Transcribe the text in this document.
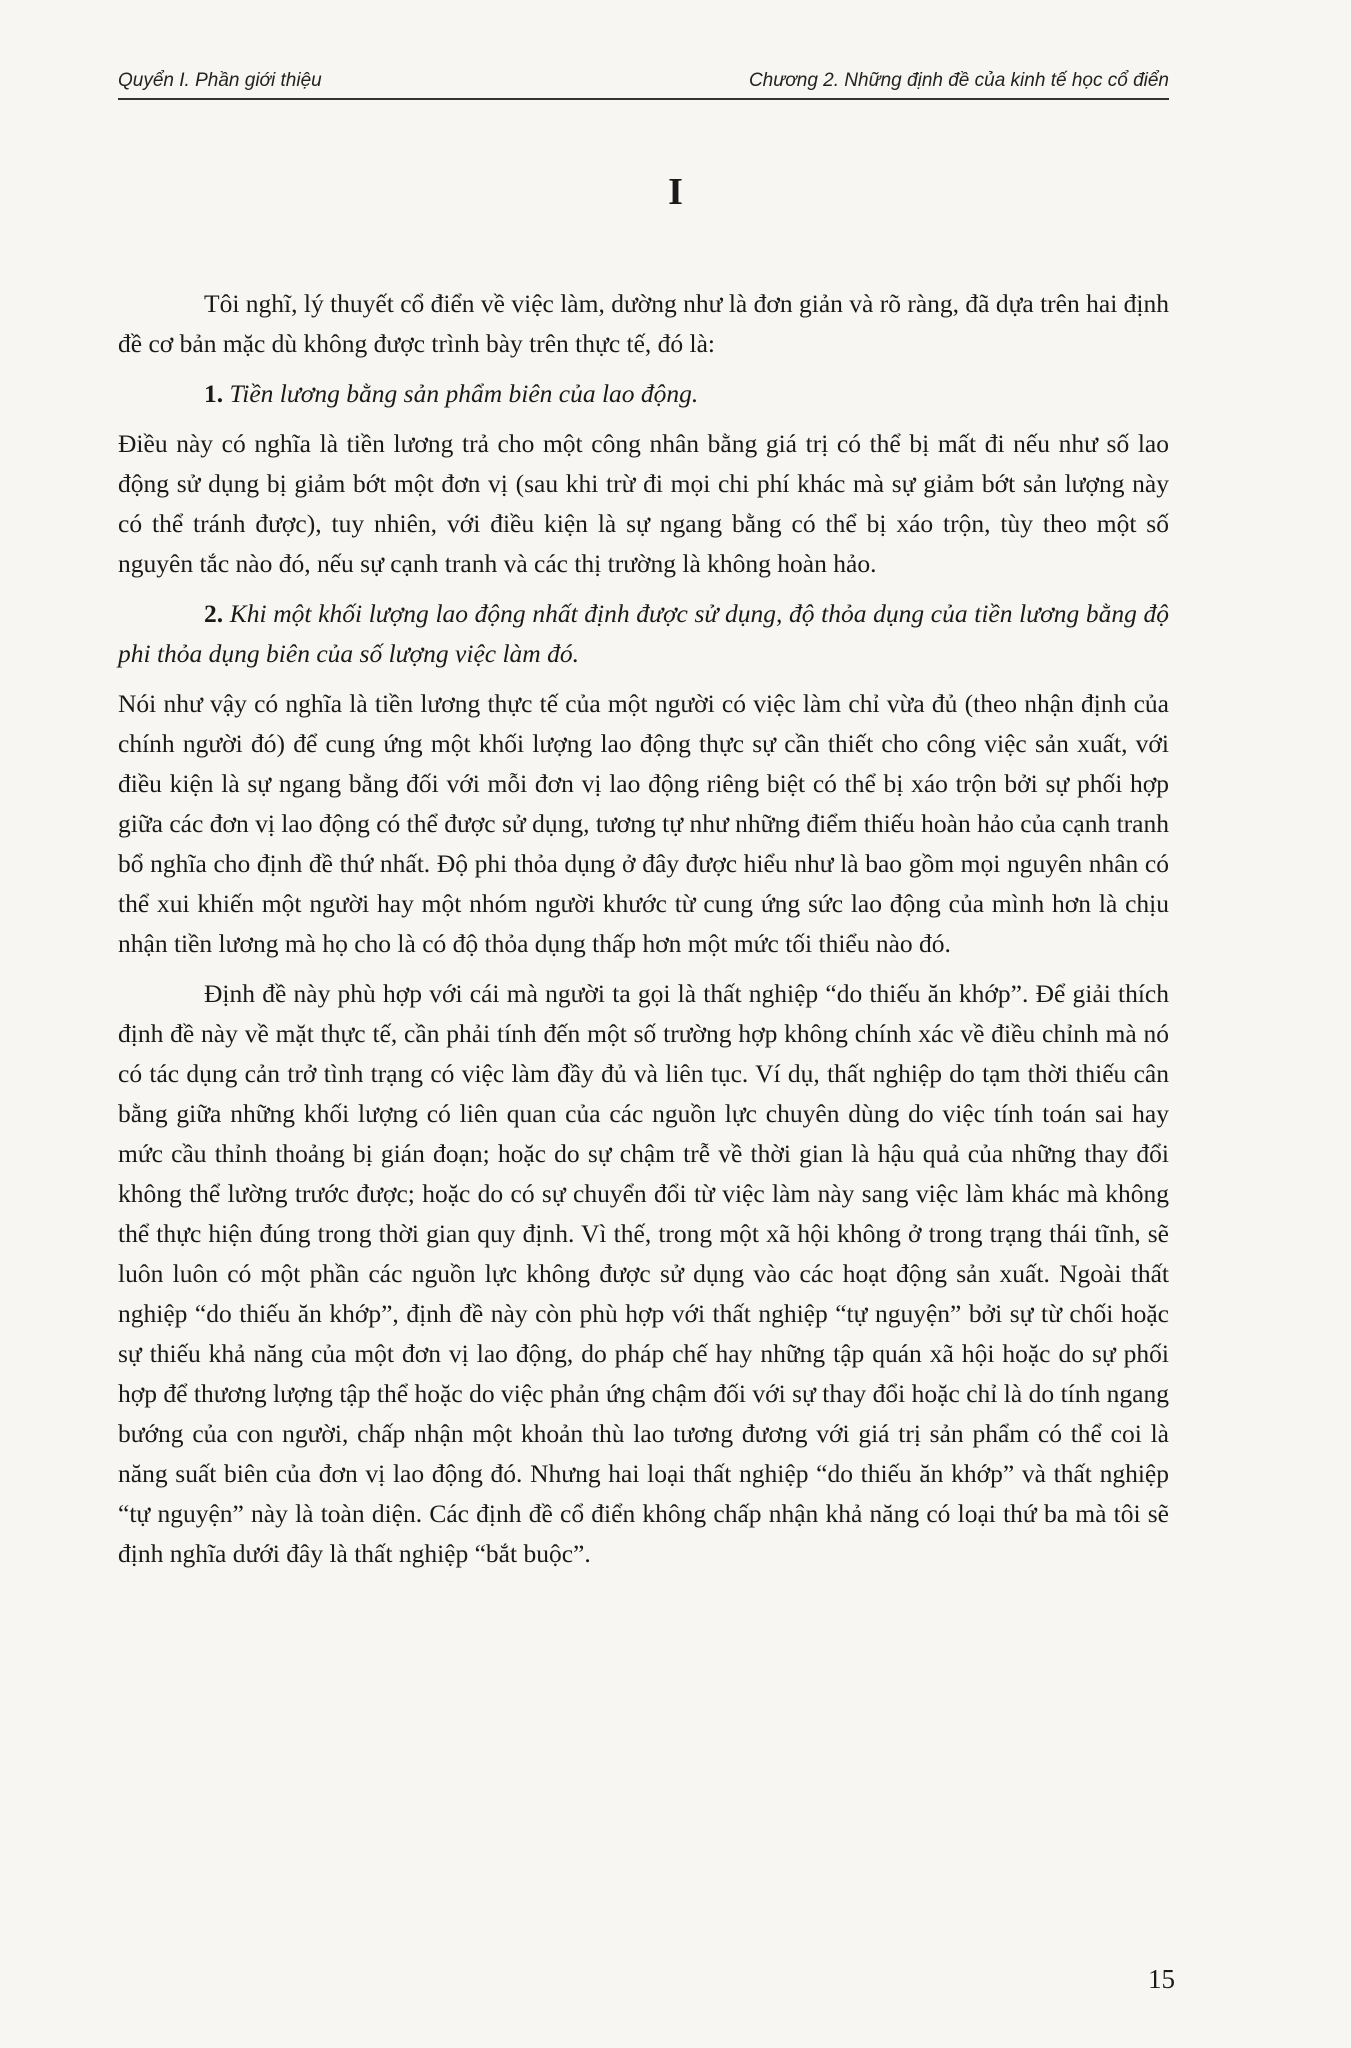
Quyển I. Phần giới thiệu	Chương 2. Những định đề của kinh tế học cổ điển
I

Tôi nghĩ, lý thuyết cổ điển về việc làm, dường như là đơn giản và rõ ràng, đã dựa trên hai định đề cơ bản mặc dù không được trình bày trên thực tế, đó là:

1. Tiền lương bằng sản phẩm biên của lao động.

Điều này có nghĩa là tiền lương trả cho một công nhân bằng giá trị có thể bị mất đi nếu như số lao động sử dụng bị giảm bớt một đơn vị (sau khi trừ đi mọi chi phí khác mà sự giảm bớt sản lượng này có thể tránh được), tuy nhiên, với điều kiện là sự ngang bằng có thể bị xáo trộn, tùy theo một số nguyên tắc nào đó, nếu sự cạnh tranh và các thị trường là không hoàn hảo.

2. Khi một khối lượng lao động nhất định được sử dụng, độ thỏa dụng của tiền lương bằng độ phi thỏa dụng biên của số lượng việc làm đó.

Nói như vậy có nghĩa là tiền lương thực tế của một người có việc làm chỉ vừa đủ (theo nhận định của chính người đó) để cung ứng một khối lượng lao động thực sự cần thiết cho công việc sản xuất, với điều kiện là sự ngang bằng đối với mỗi đơn vị lao động riêng biệt có thể bị xáo trộn bởi sự phối hợp giữa các đơn vị lao động có thể được sử dụng, tương tự như những điểm thiếu hoàn hảo của cạnh tranh bổ nghĩa cho định đề thứ nhất. Độ phi thỏa dụng ở đây được hiểu như là bao gồm mọi nguyên nhân có thể xui khiến một người hay một nhóm người khước từ cung ứng sức lao động của mình hơn là chịu nhận tiền lương mà họ cho là có độ thỏa dụng thấp hơn một mức tối thiểu nào đó.

Định đề này phù hợp với cái mà người ta gọi là thất nghiệp “do thiếu ăn khớp”. Để giải thích định đề này về mặt thực tế, cần phải tính đến một số trường hợp không chính xác về điều chỉnh mà nó có tác dụng cản trở tình trạng có việc làm đầy đủ và liên tục. Ví dụ, thất nghiệp do tạm thời thiếu cân bằng giữa những khối lượng có liên quan của các nguồn lực chuyên dùng do việc tính toán sai hay mức cầu thỉnh thoảng bị gián đoạn; hoặc do sự chậm trễ về thời gian là hậu quả của những thay đổi không thể lường trước được; hoặc do có sự chuyển đổi từ việc làm này sang việc làm khác mà không thể thực hiện đúng trong thời gian quy định. Vì thế, trong một xã hội không ở trong trạng thái tĩnh, sẽ luôn luôn có một phần các nguồn lực không được sử dụng vào các hoạt động sản xuất. Ngoài thất nghiệp “do thiếu ăn khớp”, định đề này còn phù hợp với thất nghiệp “tự nguyện” bởi sự từ chối hoặc sự thiếu khả năng của một đơn vị lao động, do pháp chế hay những tập quán xã hội hoặc do sự phối hợp để thương lượng tập thể hoặc do việc phản ứng chậm đối với sự thay đổi hoặc chỉ là do tính ngang bướng của con người, chấp nhận một khoản thù lao tương đương với giá trị sản phẩm có thể coi là năng suất biên của đơn vị lao động đó. Nhưng hai loại thất nghiệp “do thiếu ăn khớp” và thất nghiệp “tự nguyện” này là toàn diện. Các định đề cổ điển không chấp nhận khả năng có loại thứ ba mà tôi sẽ định nghĩa dưới đây là thất nghiệp “bắt buộc”.

15
